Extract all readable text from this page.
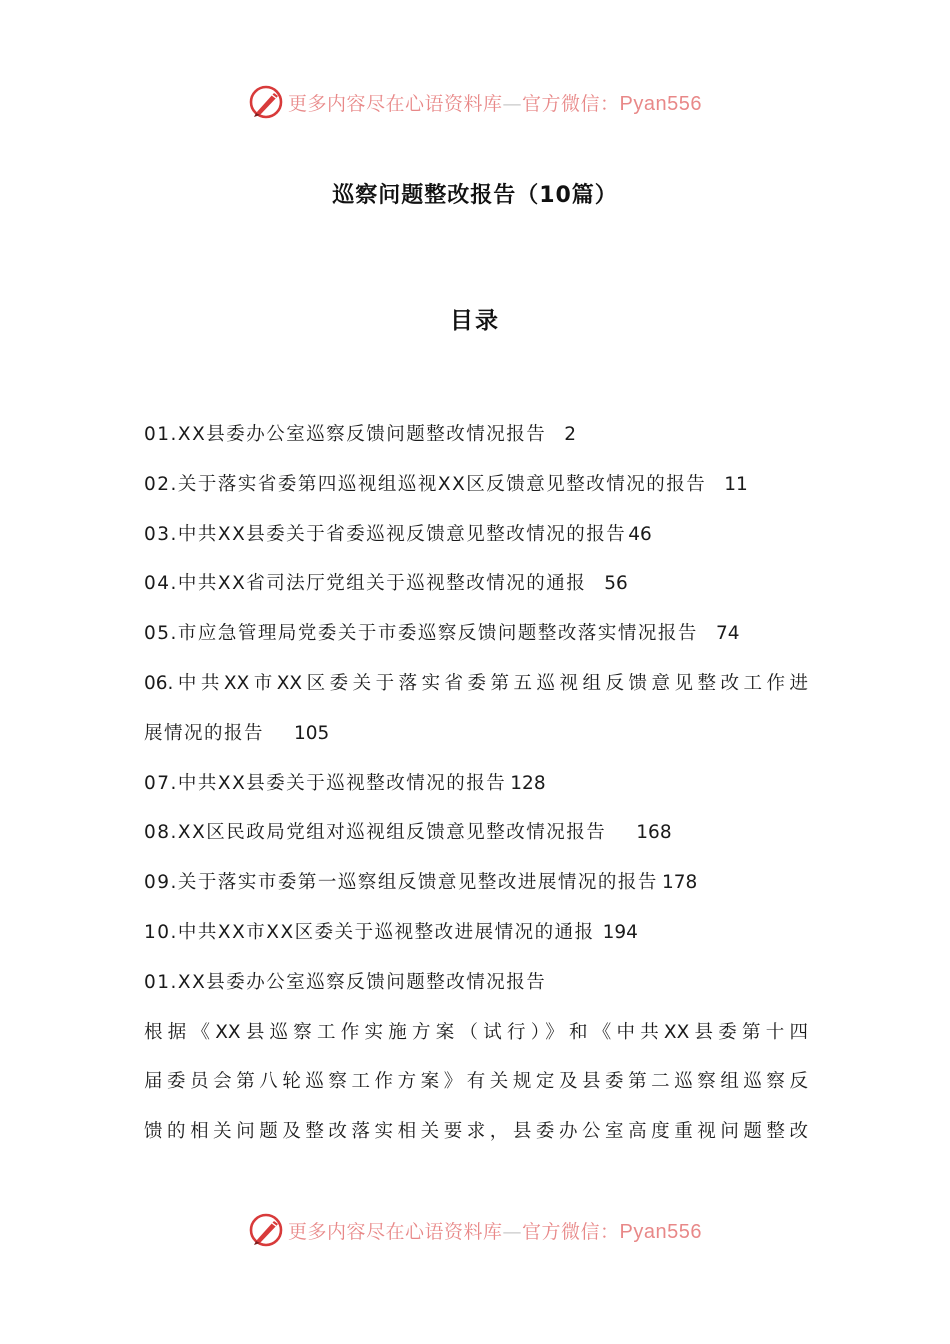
更多内容尽在心语资料库—官方微信：Pyan556
巡察问题整改报告（10篇）
目录
01.XX县委办公室巡察反馈问题整改情况报告 2
02.关于落实省委第四巡视组巡视XX区反馈意见整改情况的报告 11
03.中共XX县委关于省委巡视反馈意见整改情况的报告 46
04.中共XX省司法厅党组关于巡视整改情况的通报 56
05.市应急管理局党委关于市委巡察反馈问题整改落实情况报告 74
06.中共XX市XX区委关于落实省委第五巡视组反馈意见整改工作进
展情况的报告 105
07.中共XX县委关于巡视整改情况的报告 128
08.XX区民政局党组对巡视组反馈意见整改情况报告 168
09.关于落实市委第一巡察组反馈意见整改进展情况的报告 178
10.中共XX市XX区委关于巡视整改进展情况的通报 194
01.XX县委办公室巡察反馈问题整改情况报告
根据《XX县巡察工作实施方案（试行）》和《中共XX县委第十四
届委员会第八轮巡察工作方案》有关规定及县委第二巡察组巡察反
馈的相关问题及整改落实相关要求，县委办公室高度重视问题整改
更多内容尽在心语资料库—官方微信：Pyan556
